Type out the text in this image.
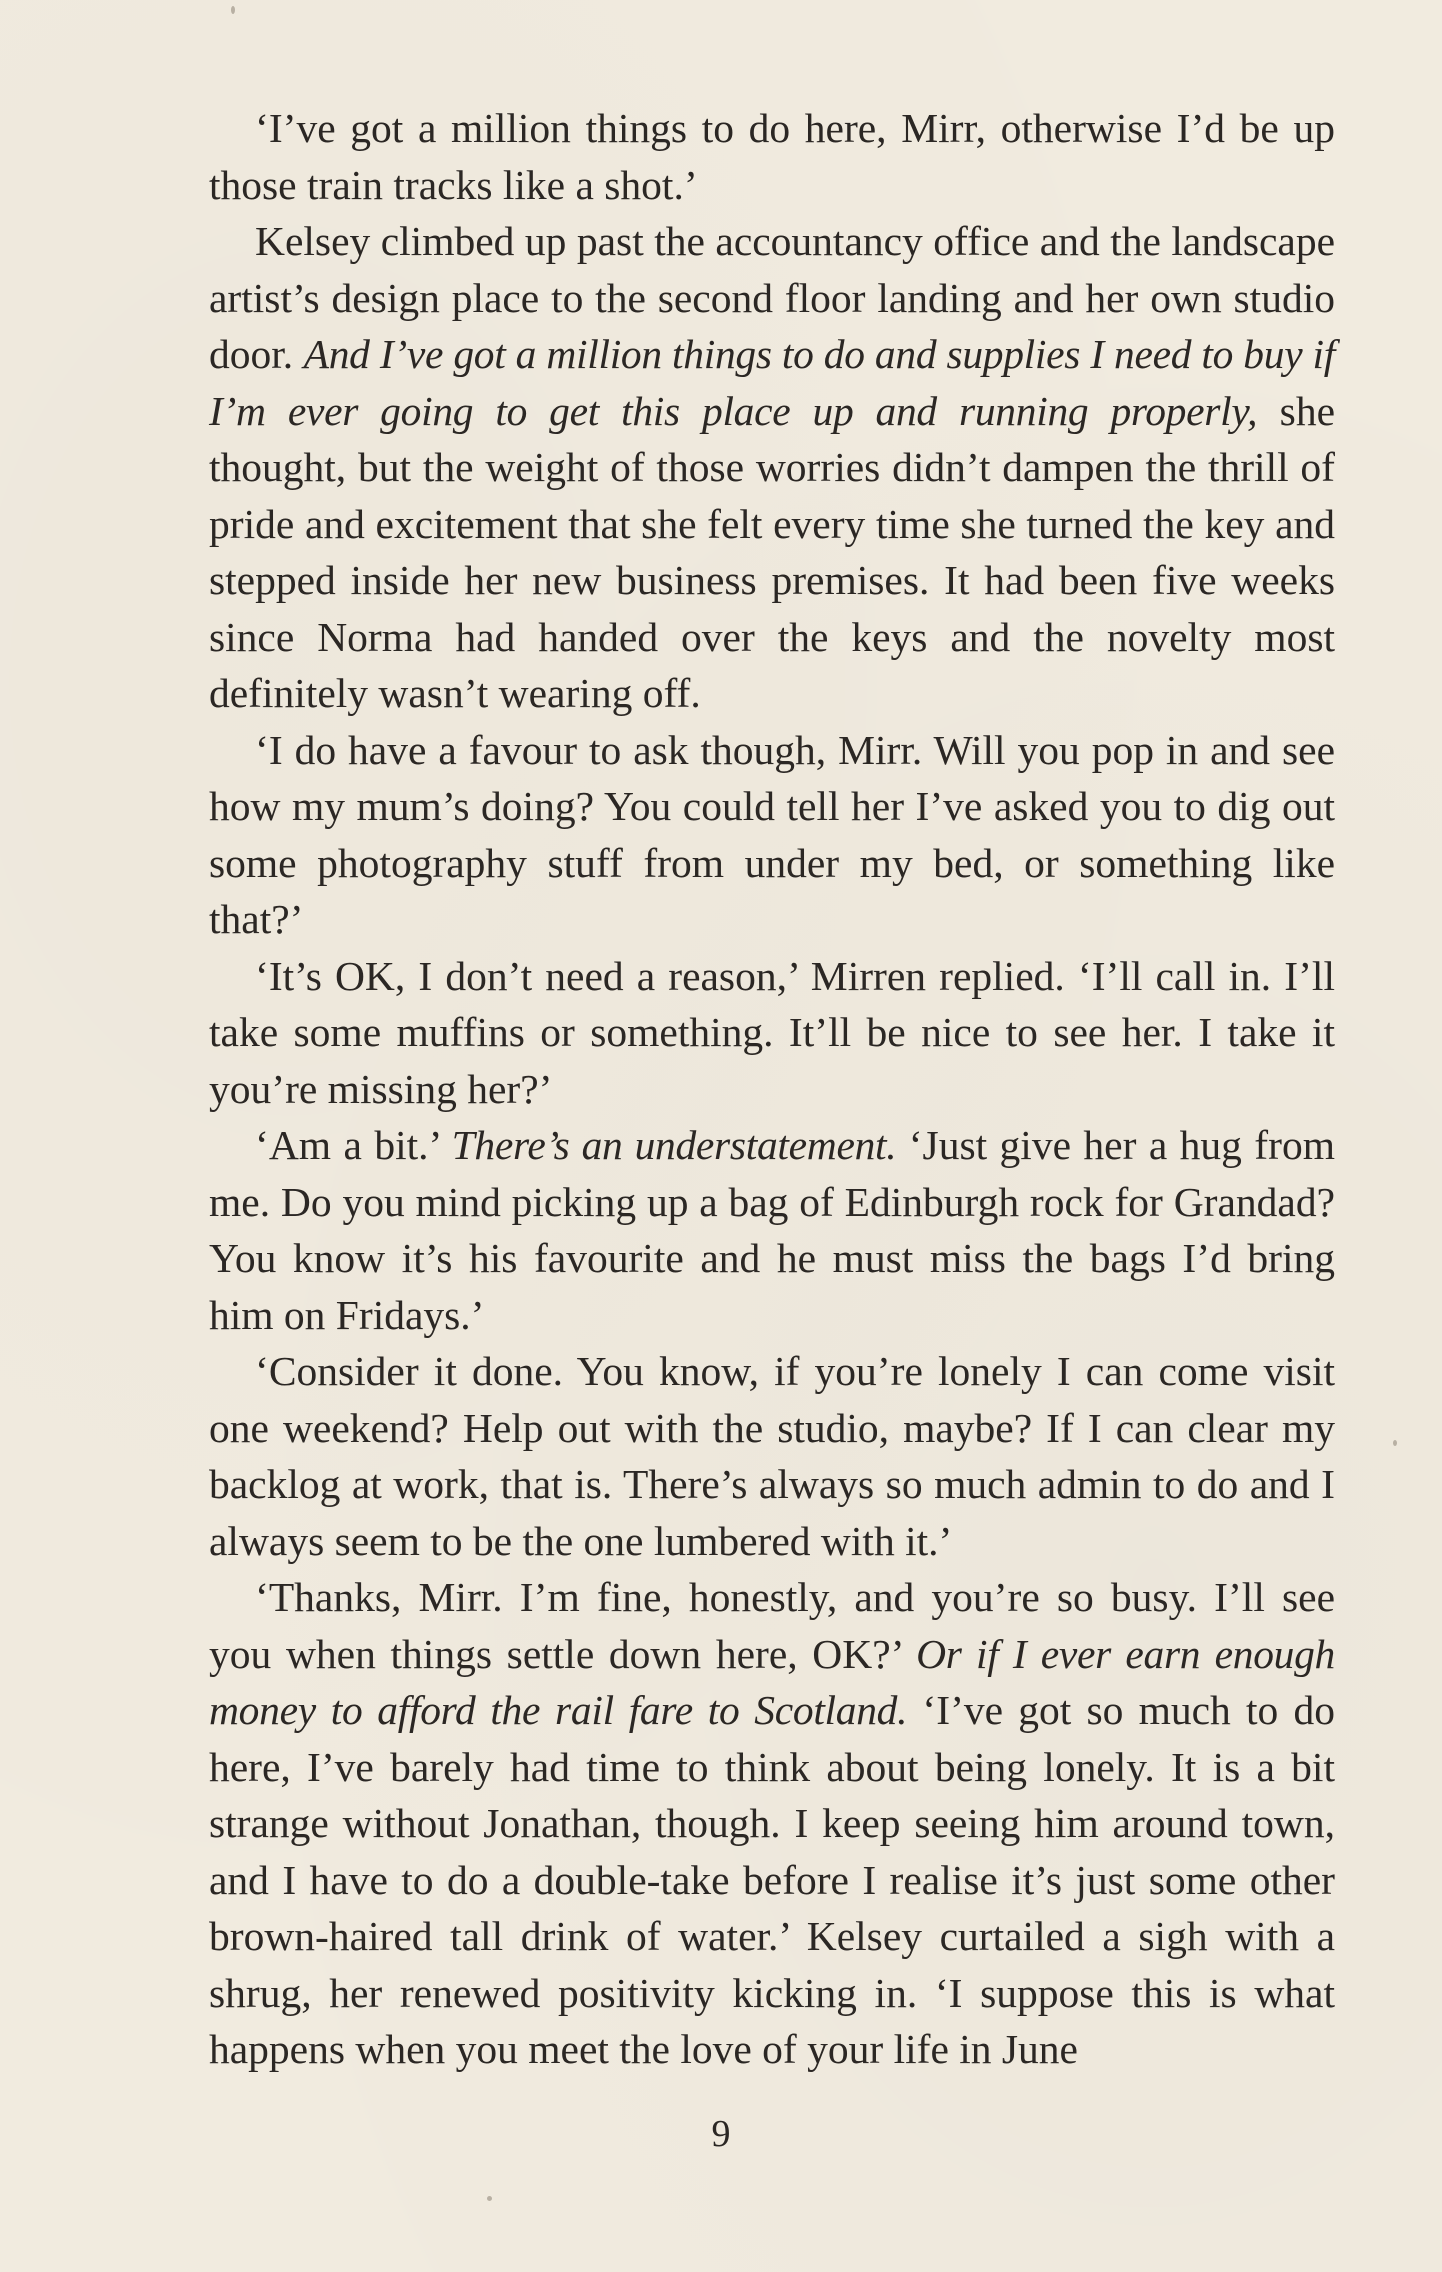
‘I’ve got a million things to do here, Mirr, otherwise I’d be up those train tracks like a shot.’

Kelsey climbed up past the accountancy office and the landscape artist’s design place to the second floor landing and her own studio door. And I’ve got a million things to do and supplies I need to buy if I’m ever going to get this place up and running properly, she thought, but the weight of those worries didn’t dampen the thrill of pride and excitement that she felt every time she turned the key and stepped inside her new business premises. It had been five weeks since Norma had handed over the keys and the novelty most definitely wasn’t wearing off.

‘I do have a favour to ask though, Mirr. Will you pop in and see how my mum’s doing? You could tell her I’ve asked you to dig out some photography stuff from under my bed, or something like that?’

‘It’s OK, I don’t need a reason,’ Mirren replied. ‘I’ll call in. I’ll take some muffins or something. It’ll be nice to see her. I take it you’re missing her?’

‘Am a bit.’ There’s an understatement. ‘Just give her a hug from me. Do you mind picking up a bag of Edinburgh rock for Grandad? You know it’s his favourite and he must miss the bags I’d bring him on Fridays.’

‘Consider it done. You know, if you’re lonely I can come visit one weekend? Help out with the studio, maybe? If I can clear my backlog at work, that is. There’s always so much admin to do and I always seem to be the one lumbered with it.’

‘Thanks, Mirr. I’m fine, honestly, and you’re so busy. I’ll see you when things settle down here, OK?’ Or if I ever earn enough money to afford the rail fare to Scotland. ‘I’ve got so much to do here, I’ve barely had time to think about being lonely. It is a bit strange without Jonathan, though. I keep seeing him around town, and I have to do a double-take before I realise it’s just some other brown-haired tall drink of water.’ Kelsey curtailed a sigh with a shrug, her renewed positivity kicking in. ‘I suppose this is what happens when you meet the love of your life in June

9
